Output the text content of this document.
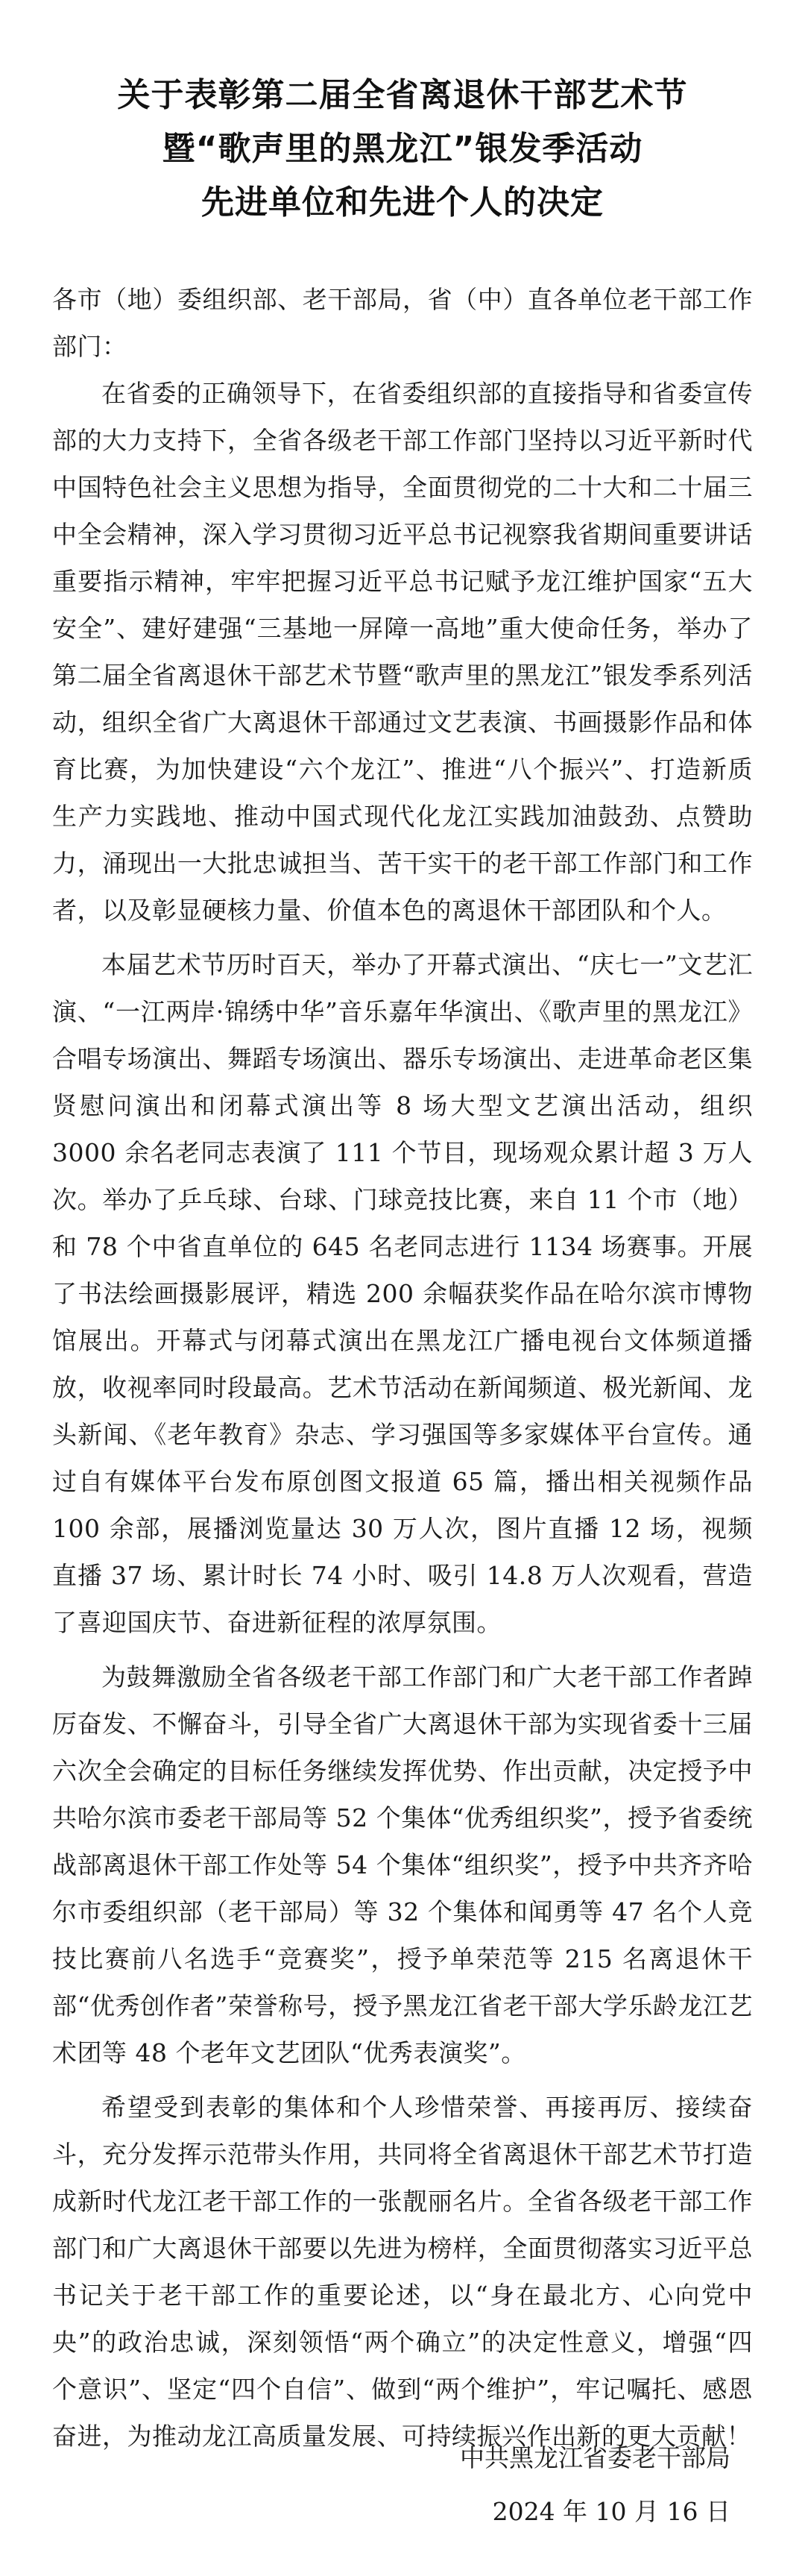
关于表彰第二届全省离退休干部艺术节
暨“歌声里的黑龙江”银发季活动
先进单位和先进个人的决定

各市（地）委组织部、老干部局，省（中）直各单位老干部工作部门：

在省委的正确领导下，在省委组织部的直接指导和省委宣传部的大力支持下，全省各级老干部工作部门坚持以习近平新时代中国特色社会主义思想为指导，全面贯彻党的二十大和二十届三中全会精神，深入学习贯彻习近平总书记视察我省期间重要讲话重要指示精神，牢牢把握习近平总书记赋予龙江维护国家“五大安全”、建好建强“三基地一屏障一高地”重大使命任务，举办了第二届全省离退休干部艺术节暨“歌声里的黑龙江”银发季系列活动，组织全省广大离退休干部通过文艺表演、书画摄影作品和体育比赛，为加快建设“六个龙江”、推进“八个振兴”、打造新质生产力实践地、推动中国式现代化龙江实践加油鼓劲、点赞助力，涌现出一大批忠诚担当、苦干实干的老干部工作部门和工作者，以及彰显硬核力量、价值本色的离退休干部团队和个人。

本届艺术节历时百天，举办了开幕式演出、“庆七一”文艺汇演、“一江两岸·锦绣中华”音乐嘉年华演出、《歌声里的黑龙江》合唱专场演出、舞蹈专场演出、器乐专场演出、走进革命老区集贤慰问演出和闭幕式演出等 8 场大型文艺演出活动，组织 3000 余名老同志表演了 111 个节目，现场观众累计超 3 万人次。举办了乒乓球、台球、门球竞技比赛，来自 11 个市（地）和 78 个中省直单位的 645 名老同志进行 1134 场赛事。开展了书法绘画摄影展评，精选 200 余幅获奖作品在哈尔滨市博物馆展出。开幕式与闭幕式演出在黑龙江广播电视台文体频道播放，收视率同时段最高。艺术节活动在新闻频道、极光新闻、龙头新闻、《老年教育》杂志、学习强国等多家媒体平台宣传。通过自有媒体平台发布原创图文报道 65 篇，播出相关视频作品 100 余部，展播浏览量达 30 万人次，图片直播 12 场，视频直播 37 场、累计时长 74 小时、吸引 14.8 万人次观看，营造了喜迎国庆节、奋进新征程的浓厚氛围。

为鼓舞激励全省各级老干部工作部门和广大老干部工作者踔厉奋发、不懈奋斗，引导全省广大离退休干部为实现省委十三届六次全会确定的目标任务继续发挥优势、作出贡献，决定授予中共哈尔滨市委老干部局等 52 个集体“优秀组织奖”，授予省委统战部离退休干部工作处等 54 个集体“组织奖”，授予中共齐齐哈尔市委组织部（老干部局）等 32 个集体和闻勇等 47 名个人竞技比赛前八名选手“竞赛奖”，授予单荣范等 215 名离退休干部“优秀创作者”荣誉称号，授予黑龙江省老干部大学乐龄龙江艺术团等 48 个老年文艺团队“优秀表演奖”。

希望受到表彰的集体和个人珍惜荣誉、再接再厉、接续奋斗，充分发挥示范带头作用，共同将全省离退休干部艺术节打造成新时代龙江老干部工作的一张靓丽名片。全省各级老干部工作部门和广大离退休干部要以先进为榜样，全面贯彻落实习近平总书记关于老干部工作的重要论述，以“身在最北方、心向党中央”的政治忠诚，深刻领悟“两个确立”的决定性意义，增强“四个意识”、坚定“四个自信”、做到“两个维护”，牢记嘱托、感恩奋进，为推动龙江高质量发展、可持续振兴作出新的更大贡献！

中共黑龙江省委老干部局
2024 年 10 月 16 日
